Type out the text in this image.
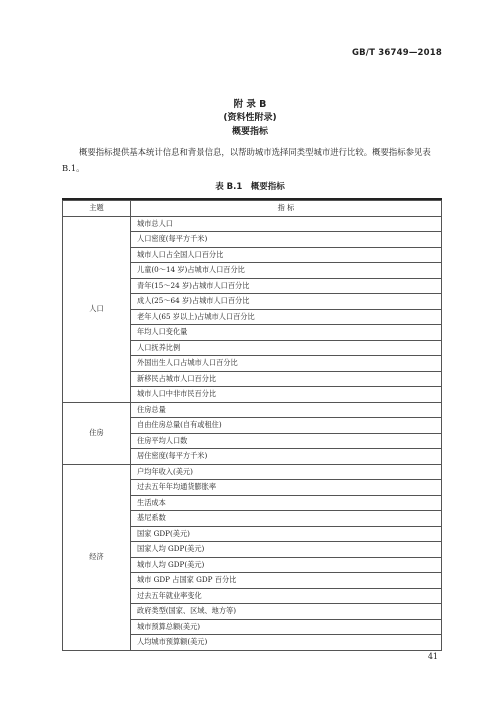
GB/T 36749—2018
附 录 B
(资料性附录)
概要指标

概要指标提供基本统计信息和背景信息，以帮助城市选择同类型城市进行比较。概要指标参见表 B.1。

表 B.1　概要指标
主题	指 标
人口	城市总人口
	人口密度(每平方千米)
	城市人口占全国人口百分比
	儿童(0～14 岁)占城市人口百分比
	青年(15～24 岁)占城市人口百分比
	成人(25～64 岁)占城市人口百分比
	老年人(65 岁以上)占城市人口百分比
	年均人口变化量
	人口抚养比例
	外国出生人口占城市人口百分比
	新移民占城市人口百分比
	城市人口中非市民百分比
住房	住房总量
	自由住房总量(自有或租住)
	住房平均人口数
	居住密度(每平方千米)
经济	户均年收入(美元)
	过去五年年均通货膨胀率
	生活成本
	基尼系数
	国家 GDP(美元)
	国家人均 GDP(美元)
	城市人均 GDP(美元)
	城市 GDP 占国家 GDP 百分比
	过去五年就业率变化
	政府类型(国家、区域、地方等)
	城市预算总额(美元)
	人均城市预算额(美元)
41
